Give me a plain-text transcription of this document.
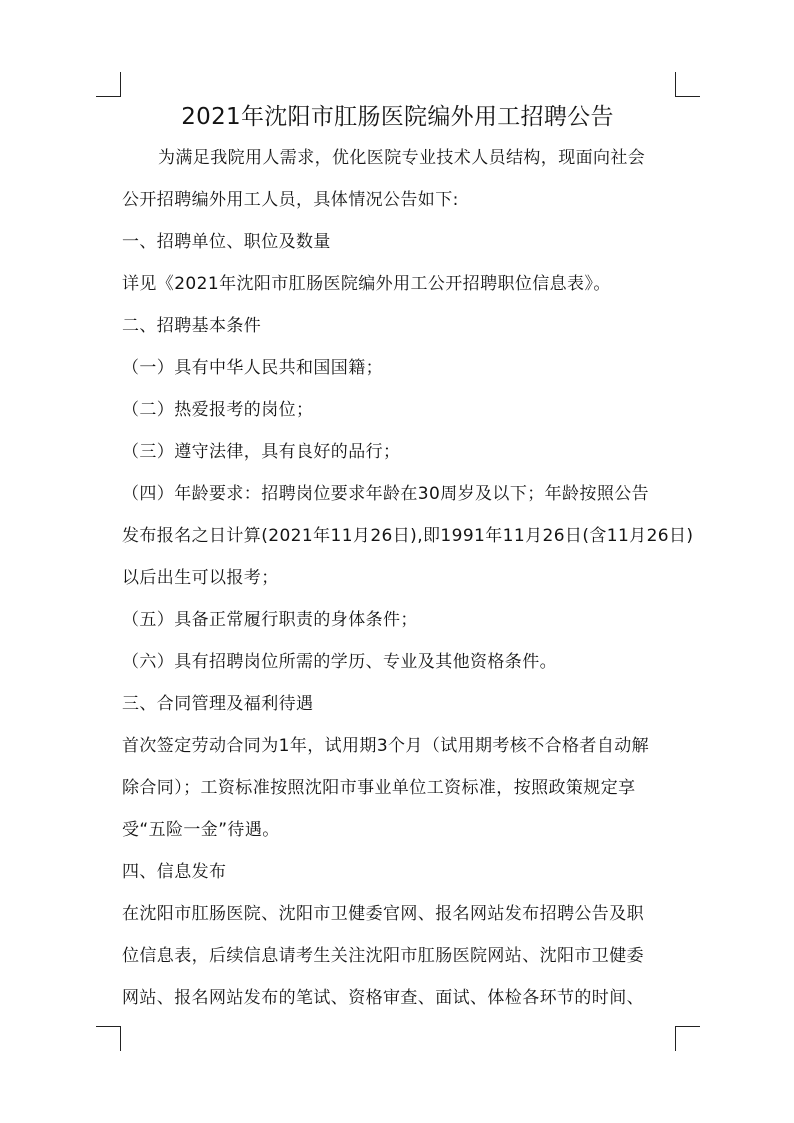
2021年沈阳市肛肠医院编外用工招聘公告
为满足我院用人需求，优化医院专业技术人员结构，现面向社会
公开招聘编外用工人员，具体情况公告如下:
一、招聘单位、职位及数量
详见《2021年沈阳市肛肠医院编外用工公开招聘职位信息表》。
二、招聘基本条件
（一）具有中华人民共和国国籍；
（二）热爱报考的岗位；
（三）遵守法律，具有良好的品行；
（四）年龄要求：招聘岗位要求年龄在30周岁及以下；年龄按照公告
发布报名之日计算(2021年11月26日),即1991年11月26日(含11月26日)
以后出生可以报考；
（五）具备正常履行职责的身体条件；
（六）具有招聘岗位所需的学历、专业及其他资格条件。
三、合同管理及福利待遇
首次签定劳动合同为1年，试用期3个月（试用期考核不合格者自动解
除合同）；工资标准按照沈阳市事业单位工资标准，按照政策规定享
受“五险一金”待遇。
四、信息发布
在沈阳市肛肠医院、沈阳市卫健委官网、报名网站发布招聘公告及职
位信息表，后续信息请考生关注沈阳市肛肠医院网站、沈阳市卫健委
网站、报名网站发布的笔试、资格审查、面试、体检各环节的时间、
